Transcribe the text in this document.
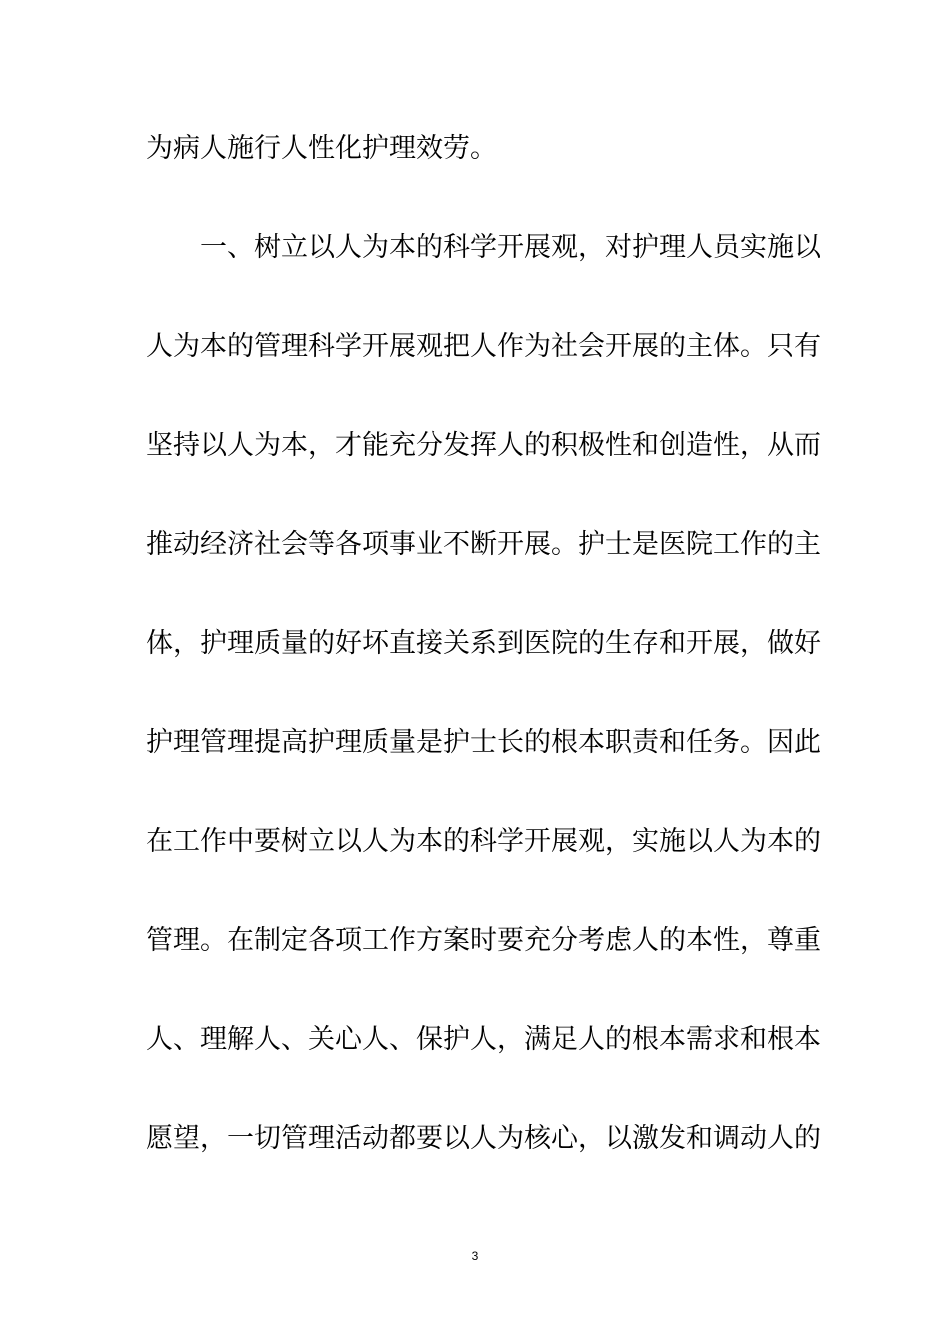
为病人施行人性化护理效劳。
一、树立以人为本的科学开展观，对护理人员实施以
人为本的管理科学开展观把人作为社会开展的主体。只有
坚持以人为本，才能充分发挥人的积极性和创造性，从而
推动经济社会等各项事业不断开展。护士是医院工作的主
体，护理质量的好坏直接关系到医院的生存和开展，做好
护理管理提高护理质量是护士长的根本职责和任务。因此
在工作中要树立以人为本的科学开展观，实施以人为本的
管理。在制定各项工作方案时要充分考虑人的本性，尊重
人、理解人、关心人、保护人，满足人的根本需求和根本
愿望，一切管理活动都要以人为核心，以激发和调动人的
3
